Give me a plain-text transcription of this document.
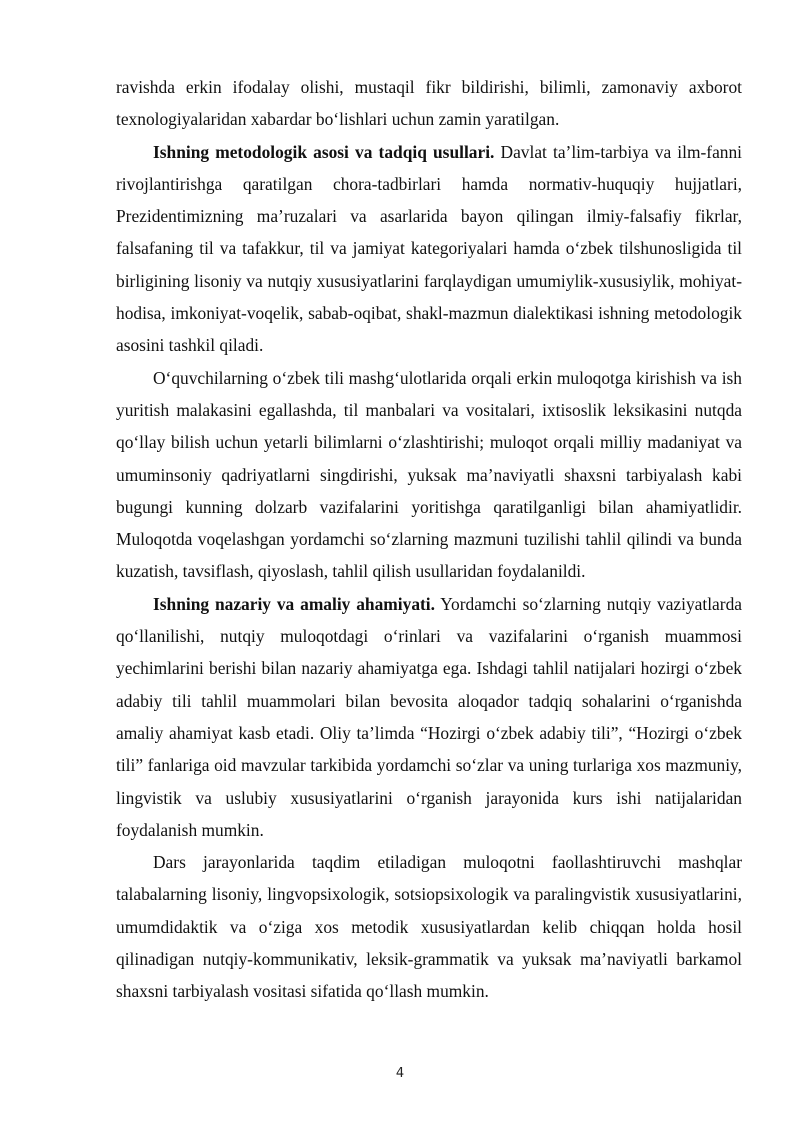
ravishda erkin ifodalay olishi, mustaqil fikr bildirishi, bilimli, zamonaviy axborot texnologiyalaridan xabardar boʻlishlari uchun zamin yaratilgan.

Ishning metodologik asosi va tadqiq usullari. Davlat taʼlim-tarbiya va ilm-fanni rivojlantirishga qaratilgan chora-tadbirlari hamda normativ-huquqiy hujjatlari, Prezidentimizning maʼruzalari va asarlarida bayon qilingan ilmiy-falsafiy fikrlar, falsafaning til va tafakkur, til va jamiyat kategoriyalari hamda oʻzbek tilshunosligida til birligining lisoniy va nutqiy xususiyatlarini farqlaydigan umumiylik-xususiylik, mohiyat-hodisa, imkoniyat-voqelik, sabab-oqibat, shakl-mazmun dialektikasi ishning metodologik asosini tashkil qiladi.

Oʻquvchilarning oʻzbek tili mashgʻulotlarida orqali erkin muloqotga kirishish va ish yuritish malakasini egallashda, til manbalari va vositalari, ixtisoslik leksikasini nutqda qoʻllay bilish uchun yetarli bilimlarni oʻzlashtirishi; muloqot orqali milliy madaniyat va umuminsoniy qadriyatlarni singdirishi, yuksak maʼnaviyatli shaxsni tarbiyalash kabi bugungi kunning dolzarb vazifalarini yoritishga qaratilganligi bilan ahamiyatlidir. Muloqotda voqelashgan yordamchi soʻzlarning mazmuni tuzilishi tahlil qilindi va bunda kuzatish, tavsiflash, qiyoslash, tahlil qilish usullaridan foydalanildi.

Ishning nazariy va amaliy ahamiyati. Yordamchi soʻzlarning nutqiy vaziyatlarda qoʻllanilishi, nutqiy muloqotdagi oʻrinlari va vazifalarini oʻrganish muammosi yechimlarini berishi bilan nazariy ahamiyatga ega. Ishdagi tahlil natijalari hozirgi oʻzbek adabiy tili tahlil muammolari bilan bevosita aloqador tadqiq sohalarini oʻrganishda amaliy ahamiyat kasb etadi. Oliy taʼlimda “Hozirgi oʻzbek adabiy tili”, “Hozirgi oʻzbek tili” fanlariga oid mavzular tarkibida yordamchi soʻzlar va uning turlariga xos mazmuniy, lingvistik va uslubiy xususiyatlarini oʻrganish jarayonida kurs ishi natijalaridan foydalanish mumkin.

Dars jarayonlarida taqdim etiladigan muloqotni faollashtiruvchi mashqlar talabalarning lisoniy, lingvopsixologik, sotsiopsixologik va paralingvistik xususiyatlarini, umumdidaktik va oʻziga xos metodik xususiyatlardan kelib chiqqan holda hosil qilinadigan nutqiy-kommunikativ, leksik-grammatik va yuksak maʼnaviyatli barkamol shaxsni tarbiyalash vositasi sifatida qoʻllash mumkin.

4
